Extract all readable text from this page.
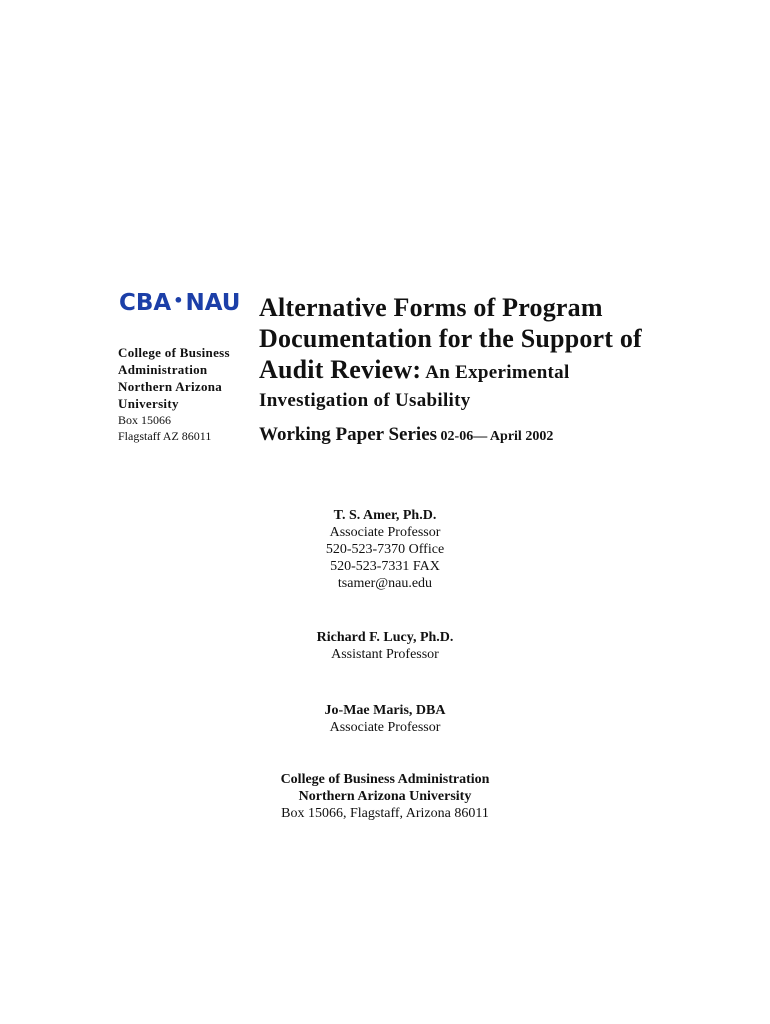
CBA •NAU
College of Business
Administration
Northern Arizona
University
Box 15066
Flagstaff AZ 86011
Alternative Forms of Program
Documentation for the Support of
Audit Review: An Experimental
Investigation of Usability
Working Paper Series 02-06— April 2002
T. S. Amer, Ph.D.
Associate Professor
520-523-7370 Office
520-523-7331 FAX
tsamer@nau.edu
Richard F. Lucy, Ph.D.
Assistant Professor
Jo-Mae Maris, DBA
Associate Professor
College of Business Administration
Northern Arizona University
Box 15066, Flagstaff, Arizona 86011
